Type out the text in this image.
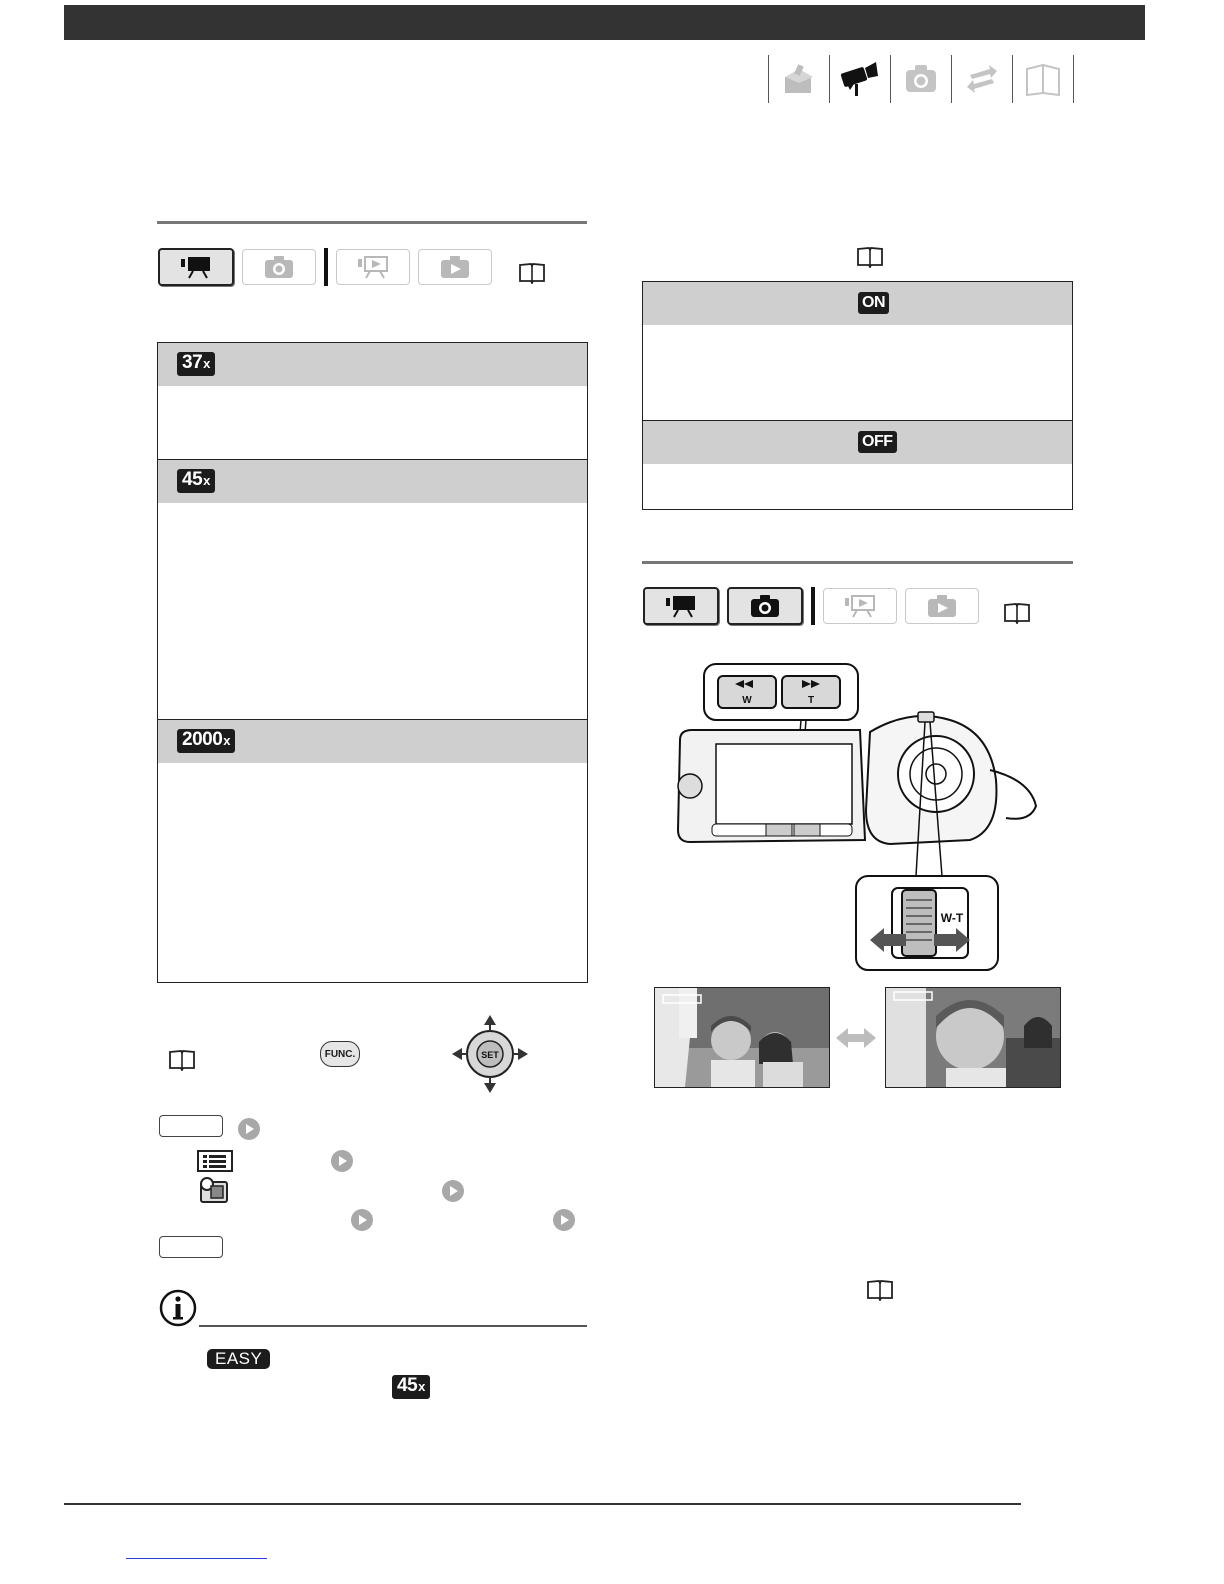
37x
45x
2000x
FUNC.	SET
EASY
45x
ON
OFF
W	T
W-T
